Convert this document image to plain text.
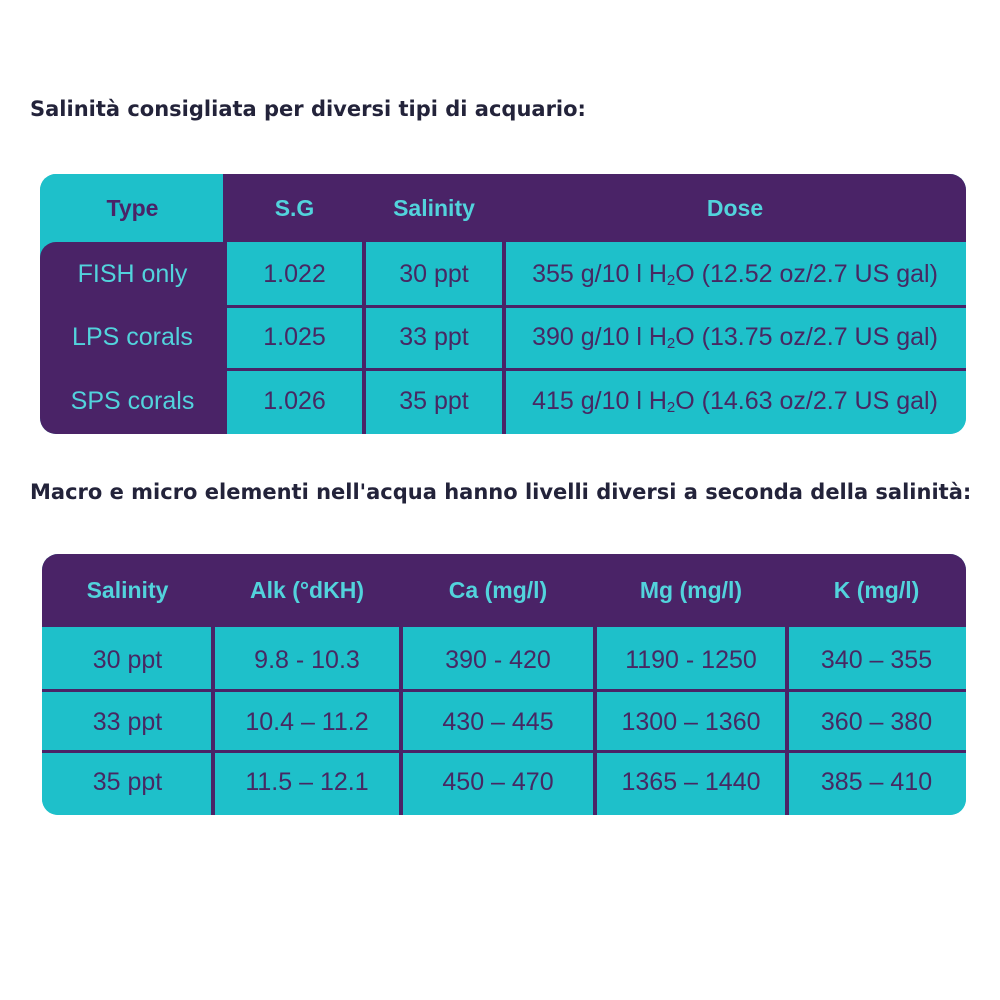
Salinità consigliata per diversi tipi di acquario:
Type	S.G	Salinity	Dose
FISH only	1.022	30 ppt	355 g/10 l H 2 O (12.52 oz/2.7 US gal)
LPS corals	1.025	33 ppt	390 g/10 l H 2 O (13.75 oz/2.7 US gal)
SPS corals	1.026	35 ppt	415 g/10 l H 2 O (14.63 oz/2.7 US gal)
Macro e micro elementi nell'acqua hanno livelli diversi a seconda della salinità:
Salinity	Alk (°dKH)	Ca (mg/l)	Mg (mg/l)	K (mg/l)
30 ppt	9.8 - 10.3	390 - 420	1190 - 1250	340 – 355
33 ppt	10.4 – 11.2	430 – 445	1300 – 1360	360 – 380
35 ppt	11.5 – 12.1	450 – 470	1365 – 1440	385 – 410
